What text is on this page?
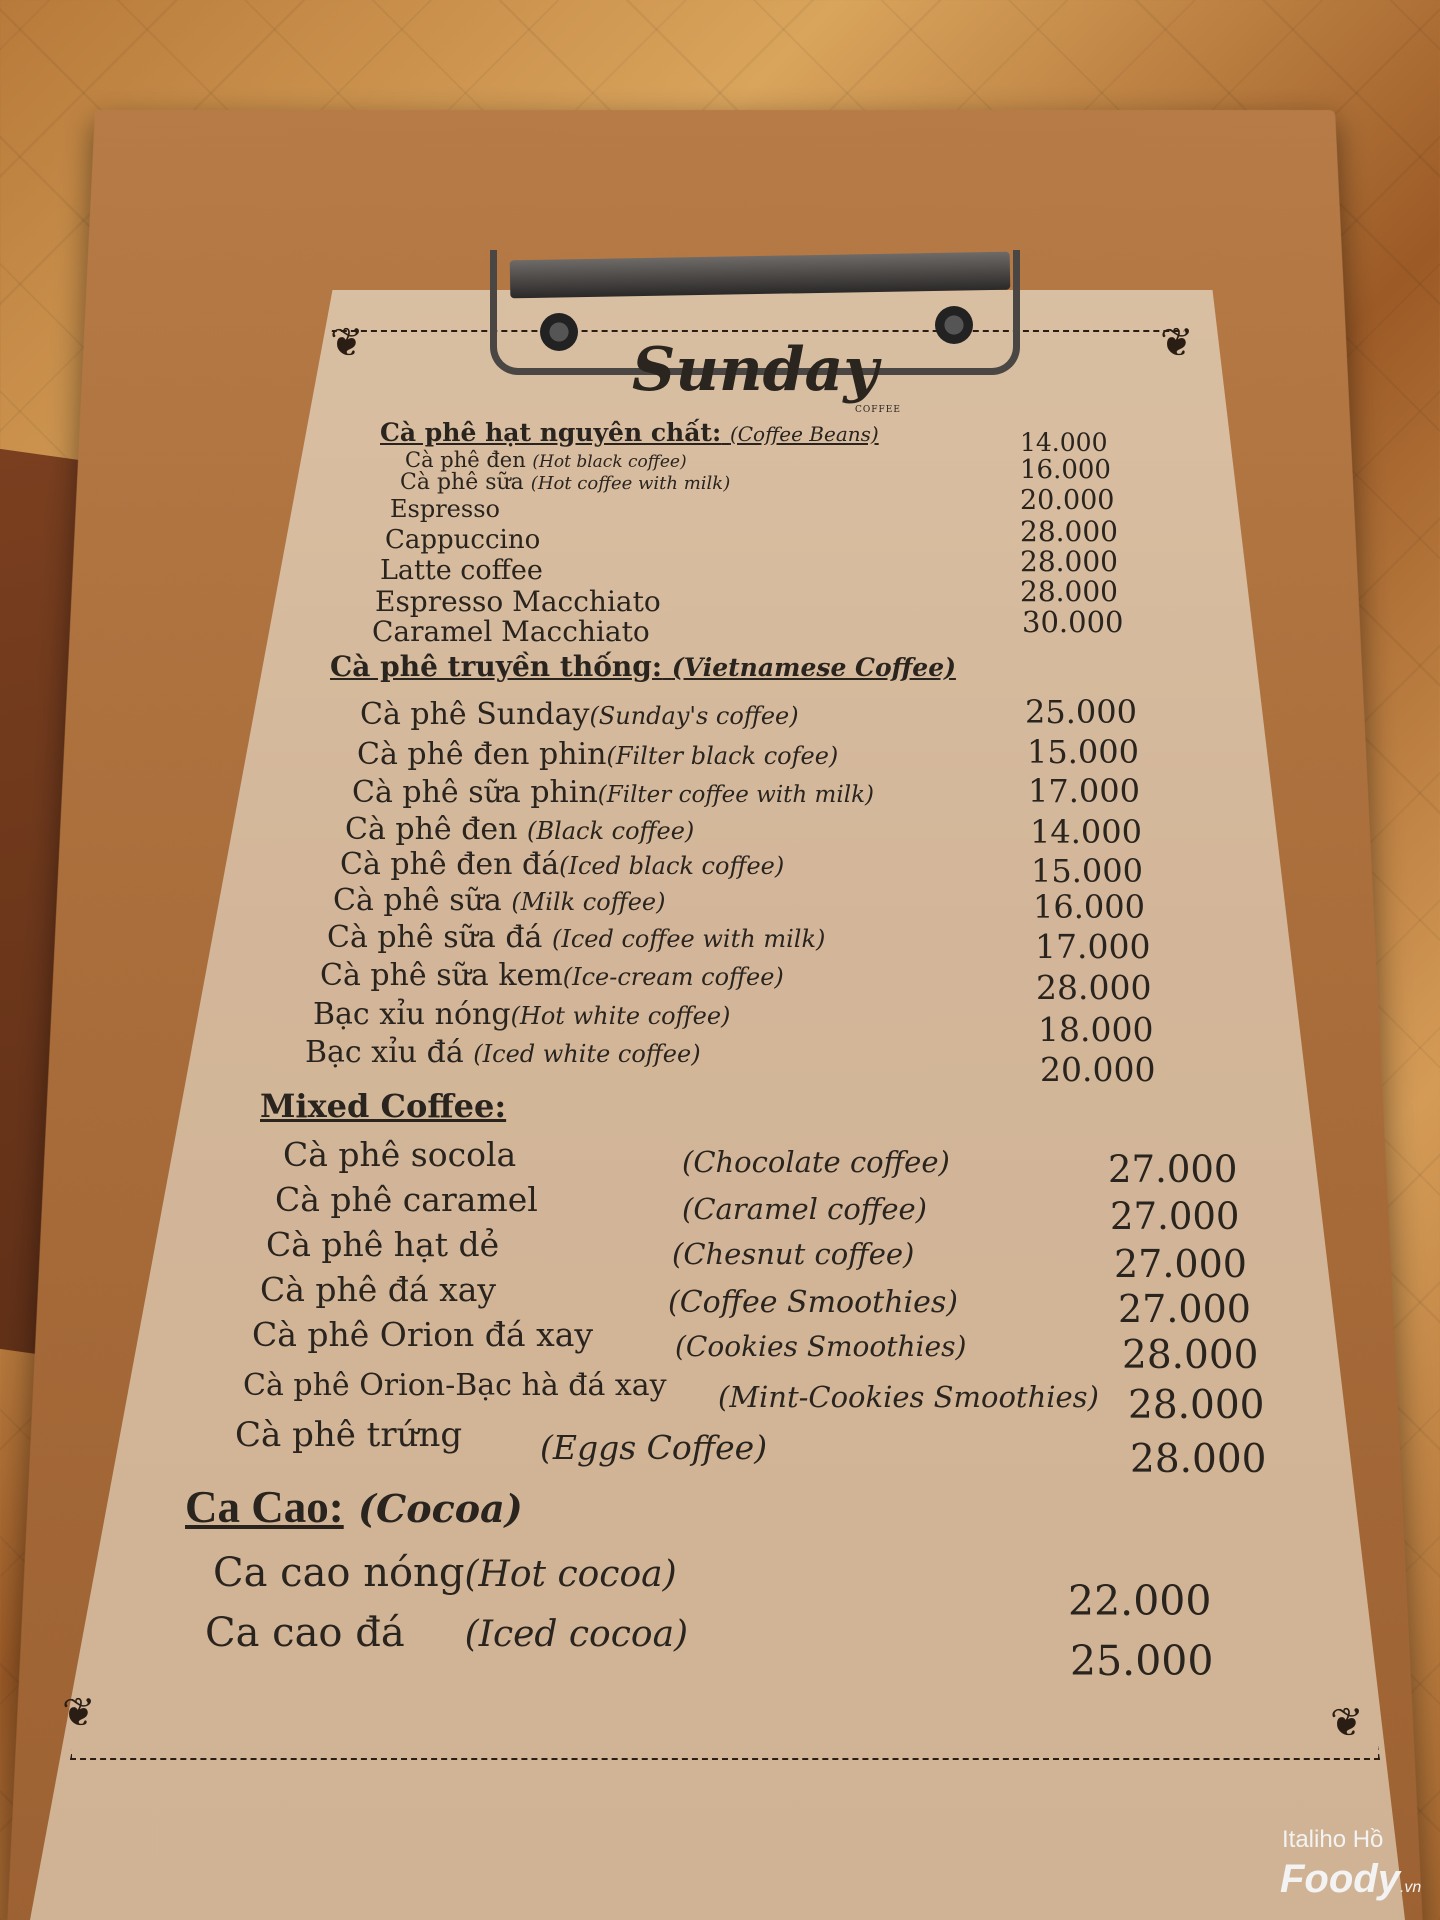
❦	❦
❦	❦
Sunday
COFFEE
Cà phê hạt nguyên chất: (Coffee Beans)
Cà phê đen (Hot black coffee)
Cà phê sữa (Hot coffee with milk)
Espresso
Cappuccino
Latte coffee
Espresso Macchiato
Caramel Macchiato
14.000
16.000
20.000
28.000
28.000
28.000
30.000
Cà phê truyền thống: (Vietnamese Coffee)
Cà phê Sunday(Sunday's coffee)
Cà phê đen phin(Filter black cofee)
Cà phê sữa phin(Filter coffee with milk)
Cà phê đen (Black coffee)
Cà phê đen đá(Iced black coffee)
Cà phê sữa (Milk coffee)
Cà phê sữa đá (Iced coffee with milk)
Cà phê sữa kem(Ice-cream coffee)
Bạc xỉu nóng(Hot white coffee)
Bạc xỉu đá (Iced white coffee)
25.000
15.000
17.000
14.000
15.000
16.000
17.000
28.000
18.000
20.000
Mixed Coffee:
Cà phê socola
Cà phê caramel
Cà phê hạt dẻ
Cà phê đá xay
Cà phê Orion đá xay
Cà phê Orion-Bạc hà đá xay
Cà phê trứng
(Chocolate coffee)
(Caramel coffee)
(Chesnut coffee)
(Coffee Smoothies)
(Cookies Smoothies)
(Mint-Cookies Smoothies)
(Eggs Coffee)
27.000
27.000
27.000
27.000
28.000
28.000
28.000
Ca Cao: (Cocoa)
Ca cao nóng(Hot cocoa)
Ca cao đá (Iced cocoa)
22.000
25.000
Italiho Hồ
Foody.vn
